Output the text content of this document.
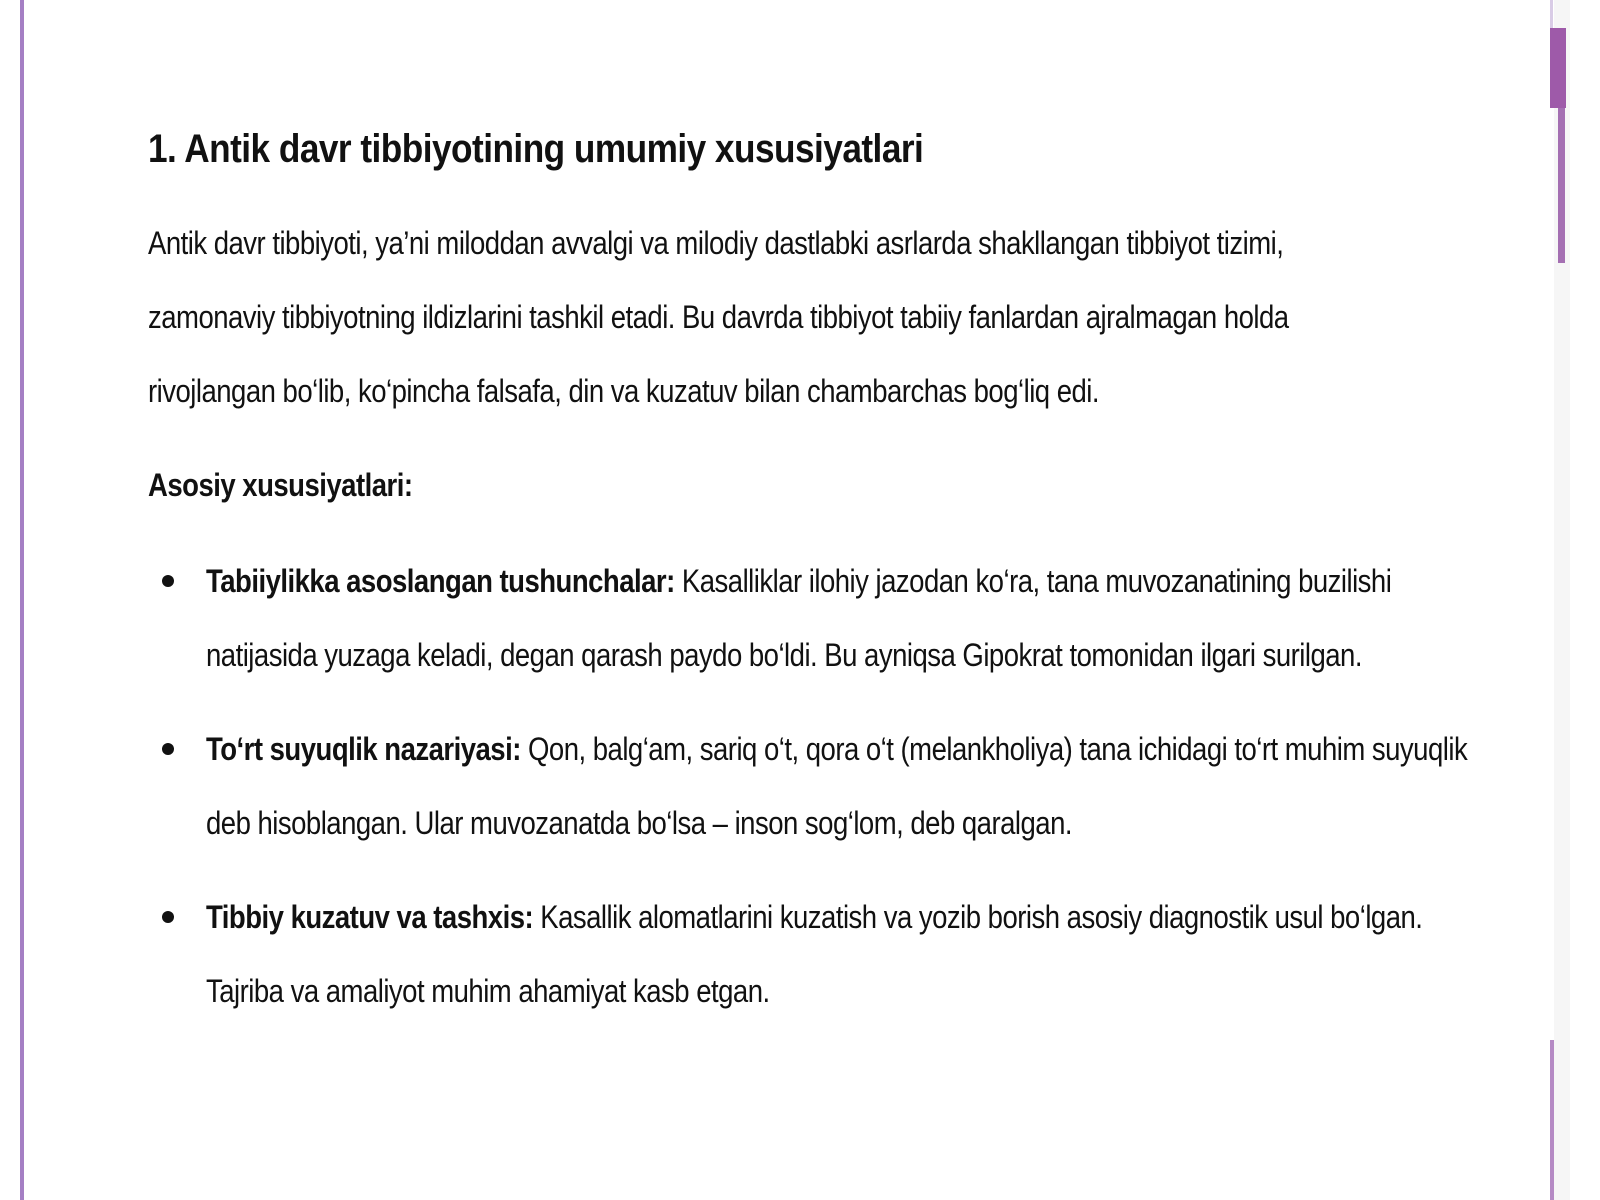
1. Antik davr tibbiyotining umumiy xususiyatlari

Antik davr tibbiyoti, ya’ni miloddan avvalgi va milodiy dastlabki asrlarda shakllangan tibbiyot tizimi, zamonaviy tibbiyotning ildizlarini tashkil etadi. Bu davrda tibbiyot tabiiy fanlardan ajralmagan holda rivojlangan bo‘lib, ko‘pincha falsafa, din va kuzatuv bilan chambarchas bog‘liq edi.

Asosiy xususiyatlari:
Tabiiylikka asoslangan tushunchalar: Kasalliklar ilohiy jazodan ko‘ra, tana muvozanatining buzilishi natijasida yuzaga keladi, degan qarash paydo bo‘ldi. Bu ayniqsa Gipokrat tomonidan ilgari surilgan.
To‘rt suyuqlik nazariyasi: Qon, balg‘am, sariq o‘t, qora o‘t (melankholiya) tana ichidagi to‘rt muhim suyuqlik deb hisoblangan. Ular muvozanatda bo‘lsa – inson sog‘lom, deb qaralgan.
Tibbiy kuzatuv va tashxis: Kasallik alomatlarini kuzatish va yozib borish asosiy diagnostik usul bo‘lgan. Tajriba va amaliyot muhim ahamiyat kasb etgan.
